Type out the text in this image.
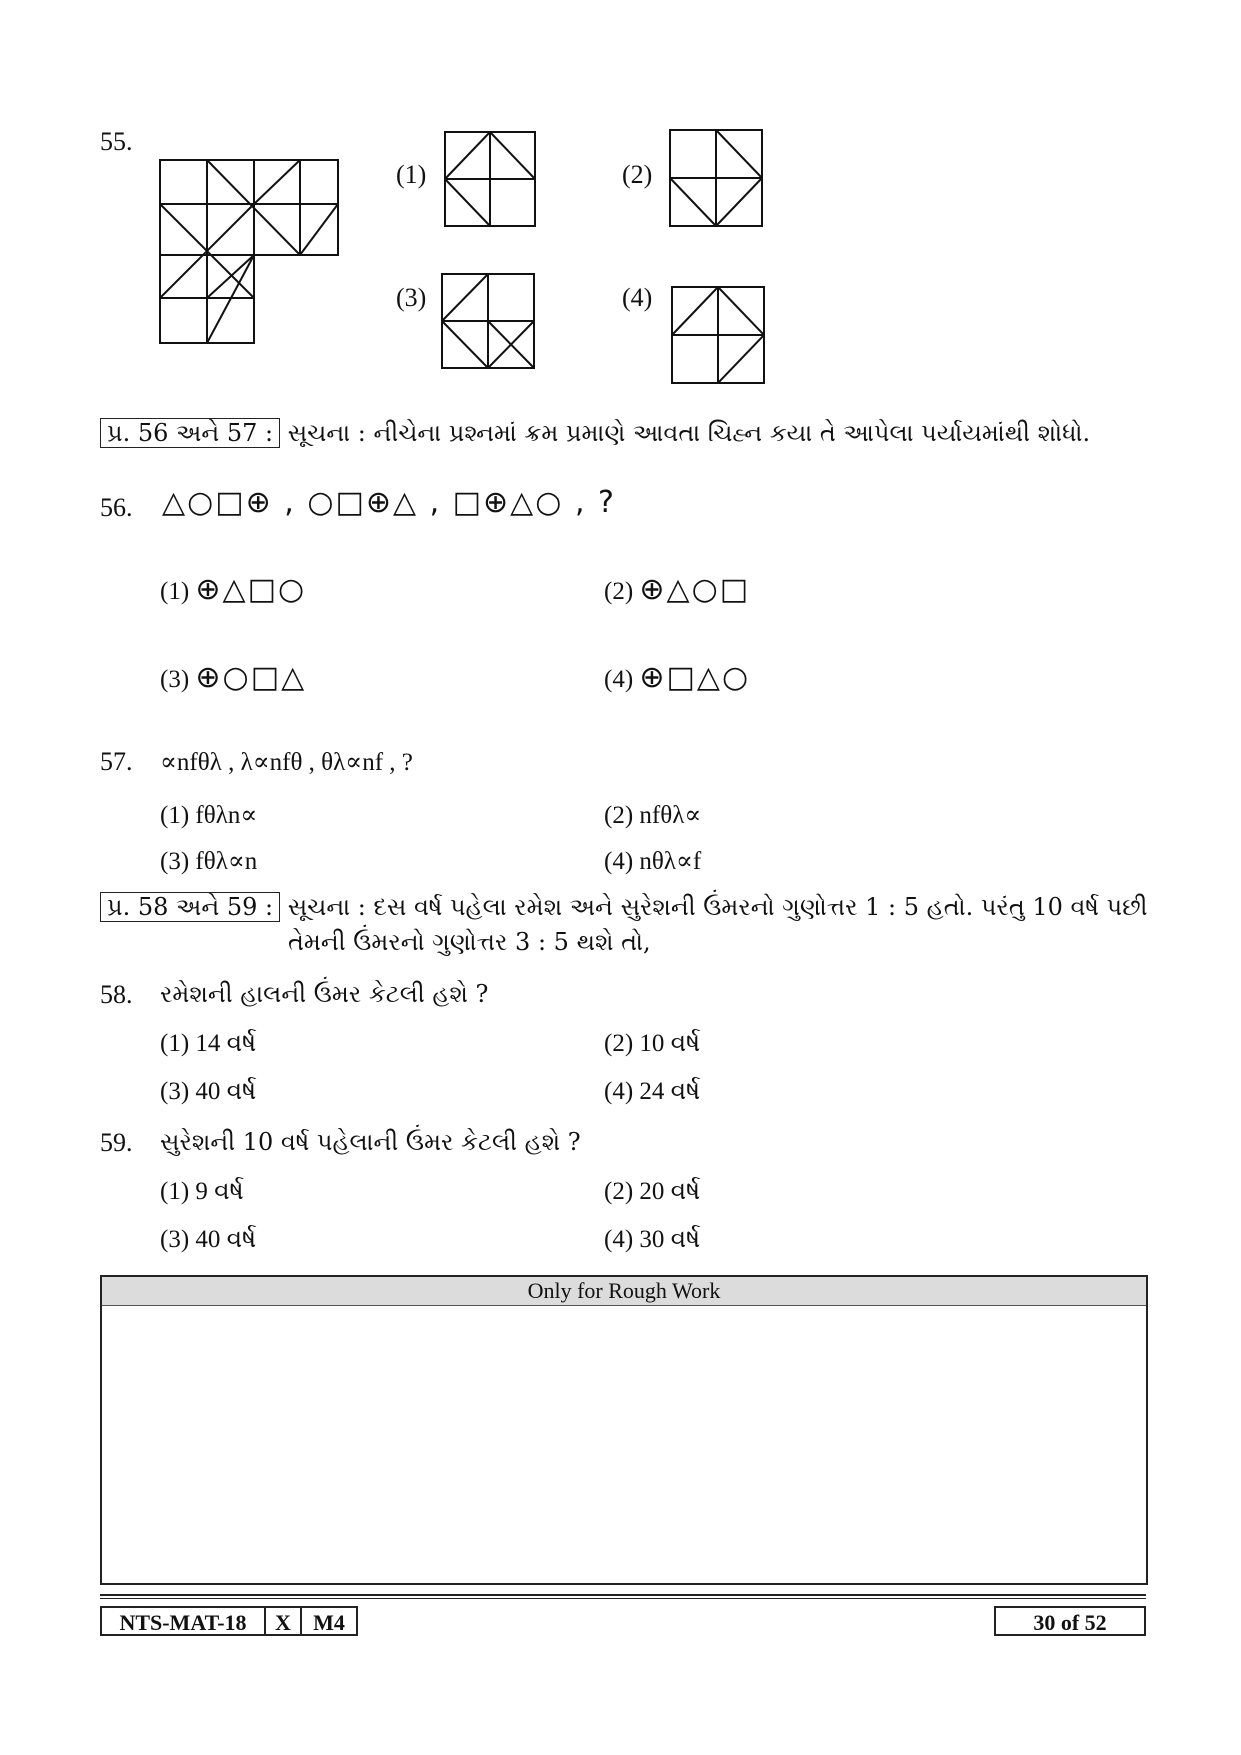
55.
(1)	(2)
(3)	(4)
પ્ર. 56 અને 57 : સૂચના : નીચેના પ્રશ્નમાં ક્રમ પ્રમાણે આવતા ચિહ્ન કયા તે આપેલા પર્યાયમાંથી શોધો.
56. △○□⊕ , ○□⊕△ , □⊕△○ , ?
(1) ⊕△□○	(2) ⊕△○□
(3) ⊕○□△	(4) ⊕□△○
57. ∝nfθλ , λ∝nfθ , θλ∝nf , ?
(1) fθλn∝	(2) nfθλ∝
(3) fθλ∝n	(4) nθλ∝f
પ્ર. 58 અને 59 : સૂચના : દસ વર્ષ પહેલા રમેશ અને સુરેશની ઉંમરનો ગુણોત્તર 1 : 5 હતો. પરંતુ 10 વર્ષ પછી
તેમની ઉંમરનો ગુણોત્તર 3 : 5 થશે તો,
58. રમેશની હાલની ઉંમર કેટલી હશે ?
(1) 14 વર્ષ	(2) 10 વર્ષ
(3) 40 વર્ષ	(4) 24 વર્ષ
59. સુરેશની 10 વર્ષ પહેલાની ઉંમર કેટલી હશે ?
(1) 9 વર્ષ	(2) 20 વર્ષ
(3) 40 વર્ષ	(4) 30 વર્ષ
Only for Rough Work
NTS-MAT-18	X	M4	30 of 52
